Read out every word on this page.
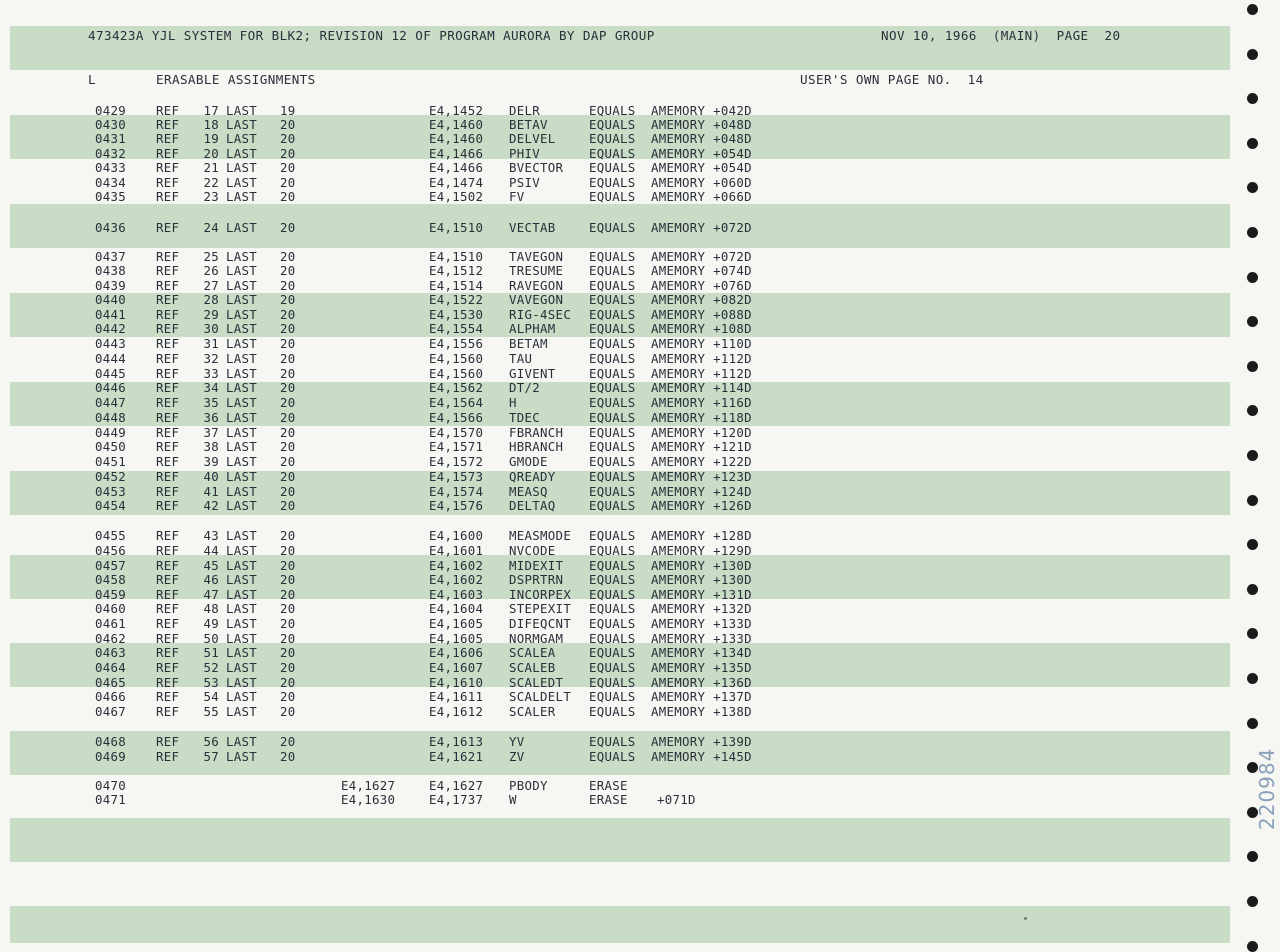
473423A YJL SYSTEM FOR BLK2; REVISION 12 OF PROGRAM AURORA BY DAP GROUP	NOV 10, 1966  (MAIN)  PAGE  20
L	ERASABLE ASSIGNMENTS	USER'S OWN PAGE NO.  14
0429 REF 17 LAST 19	E4,1452 DELR	EQUALS AMEMORY +042D
0430 REF 18 LAST 20	E4,1460 BETAV	EQUALS AMEMORY +048D
0431 REF 19 LAST 20	E4,1460 DELVEL	EQUALS AMEMORY +048D
0432 REF 20 LAST 20	E4,1466 PHIV	EQUALS AMEMORY +054D
0433 REF 21 LAST 20	E4,1466 BVECTOR EQUALS AMEMORY +054D
0434 REF 22 LAST 20	E4,1474 PSIV	EQUALS AMEMORY +060D
0435 REF 23 LAST 20	E4,1502 FV	EQUALS AMEMORY +066D
0436 REF 24 LAST 20	E4,1510 VECTAB	EQUALS AMEMORY +072D
0437 REF 25 LAST 20	E4,1510 TAVEGON EQUALS AMEMORY +072D
0438 REF 26 LAST 20	E4,1512 TRESUME EQUALS AMEMORY +074D
0439 REF 27 LAST 20	E4,1514 RAVEGON EQUALS AMEMORY +076D
0440 REF 28 LAST 20	E4,1522 VAVEGON EQUALS AMEMORY +082D
0441 REF 29 LAST 20	E4,1530 RIG-4SEC EQUALS AMEMORY +088D
0442 REF 30 LAST 20	E4,1554 ALPHAM	EQUALS AMEMORY +108D
0443 REF 31 LAST 20	E4,1556 BETAM	EQUALS AMEMORY +110D
0444 REF 32 LAST 20	E4,1560 TAU	EQUALS AMEMORY +112D
0445 REF 33 LAST 20	E4,1560 GIVENT	EQUALS AMEMORY +112D
0446 REF 34 LAST 20	E4,1562 DT/2	EQUALS AMEMORY +114D
0447 REF 35 LAST 20	E4,1564 H	EQUALS AMEMORY +116D
0448 REF 36 LAST 20	E4,1566 TDEC	EQUALS AMEMORY +118D
0449 REF 37 LAST 20	E4,1570 FBRANCH EQUALS AMEMORY +120D
0450 REF 38 LAST 20	E4,1571 HBRANCH EQUALS AMEMORY +121D
0451 REF 39 LAST 20	E4,1572 GMODE	EQUALS AMEMORY +122D
0452 REF 40 LAST 20	E4,1573 QREADY	EQUALS AMEMORY +123D
0453 REF 41 LAST 20	E4,1574 MEASQ	EQUALS AMEMORY +124D
0454 REF 42 LAST 20	E4,1576 DELTAQ	EQUALS AMEMORY +126D
0455 REF 43 LAST 20	E4,1600 MEASMODE EQUALS AMEMORY +128D
0456 REF 44 LAST 20	E4,1601 NVCODE	EQUALS AMEMORY +129D
0457 REF 45 LAST 20	E4,1602 MIDEXIT EQUALS AMEMORY +130D
0458 REF 46 LAST 20	E4,1602 DSPRTRN EQUALS AMEMORY +130D
0459 REF 47 LAST 20	E4,1603 INCORPEX EQUALS AMEMORY +131D
0460 REF 48 LAST 20	E4,1604 STEPEXIT EQUALS AMEMORY +132D
0461 REF 49 LAST 20	E4,1605 DIFEQCNT EQUALS AMEMORY +133D
0462 REF 50 LAST 20	E4,1605 NORMGAM EQUALS AMEMORY +133D
0463 REF 51 LAST 20	E4,1606 SCALEA	EQUALS AMEMORY +134D
0464 REF 52 LAST 20	E4,1607 SCALEB	EQUALS AMEMORY +135D
0465 REF 53 LAST 20	E4,1610 SCALEDT EQUALS AMEMORY +136D
0466 REF 54 LAST 20	E4,1611 SCALDELT EQUALS AMEMORY +137D
0467 REF 55 LAST 20	E4,1612 SCALER	EQUALS AMEMORY +138D
0468 REF 56 LAST 20	E4,1613 YV	EQUALS AMEMORY +139D
0469 REF 57 LAST 20	E4,1621 ZV	EQUALS AMEMORY +145D
0470	E4,1627	E4,1627 PBODY	ERASE
0471	E4,1630	E4,1737 W	ERASE +071D	220984
